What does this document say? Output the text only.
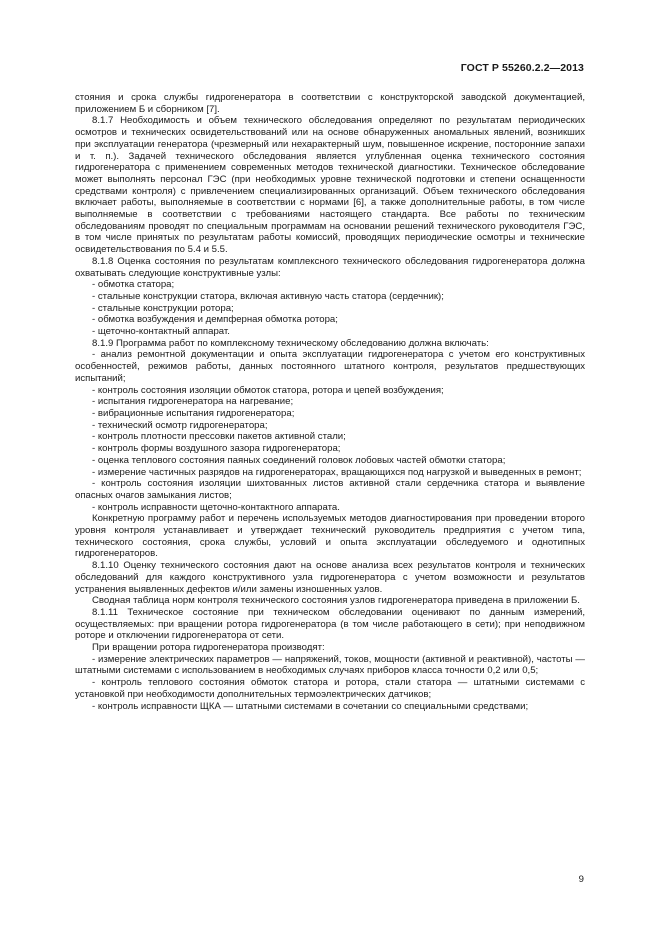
ГОСТ Р 55260.2.2—2013

стояния и срока службы гидрогенератора в соответствии с конструкторской заводской документацией, приложением Б и сборником [7].

8.1.7 Необходимость и объем технического обследования определяют по результатам периодических осмотров и технических освидетельствований или на основе обнаруженных аномальных явлений, возникших при эксплуатации генератора (чрезмерный или нехарактерный шум, повышенное искрение, посторонние запахи и т. п.). Задачей технического обследования является углубленная оценка технического состояния гидрогенератора с применением современных методов технической диагностики. Техническое обследование может выполнять персонал ГЭС (при необходимых уровне технической подготовки и степени оснащенности средствами контроля) с привлечением специализированных организаций. Объем технического обследования включает работы, выполняемые в соответствии с нормами [6], а также дополнительные работы, в том числе выполняемые в соответствии с требованиями настоящего стандарта. Все работы по техническим обследованиям проводят по специальным программам на основании решений технического руководителя ГЭС, в том числе принятых по результатам работы комиссий, проводящих периодические осмотры и технические освидетельствования по 5.4 и 5.5.

8.1.8 Оценка состояния по результатам комплексного технического обследования гидрогенератора должна охватывать следующие конструктивные узлы:

- обмотка статора;

- стальные конструкции статора, включая активную часть статора (сердечник);

- стальные конструкции ротора;

- обмотка возбуждения и демпферная обмотка ротора;

- щеточно-контактный аппарат.

8.1.9 Программа работ по комплексному техническому обследованию должна включать:

- анализ ремонтной документации и опыта эксплуатации гидрогенератора с учетом его конструктивных особенностей, режимов работы, данных постоянного штатного контроля, результатов предшествующих испытаний;

- контроль состояния изоляции обмоток статора, ротора и цепей возбуждения;

- испытания гидрогенератора на нагревание;

- вибрационные испытания гидрогенератора;

- технический осмотр гидрогенератора;

- контроль плотности прессовки пакетов активной стали;

- контроль формы воздушного зазора гидрогенератора;

- оценка теплового состояния паяных соединений головок лобовых частей обмотки статора;

- измерение частичных разрядов на гидрогенераторах, вращающихся под нагрузкой и выведенных в ремонт;

- контроль состояния изоляции шихтованных листов активной стали сердечника статора и выявление опасных очагов замыкания листов;

- контроль исправности щеточно-контактного аппарата.

Конкретную программу работ и перечень используемых методов диагностирования при проведении второго уровня контроля устанавливает и утверждает технический руководитель предприятия с учетом типа, технического состояния, срока службы, условий и опыта эксплуатации обследуемого и однотипных гидрогенераторов.

8.1.10 Оценку технического состояния дают на основе анализа всех результатов контроля и технических обследований для каждого конструктивного узла гидрогенератора с учетом возможности и результатов устранения выявленных дефектов и/или замены изношенных узлов.

Сводная таблица норм контроля технического состояния узлов гидрогенератора приведена в приложении Б.

8.1.11 Техническое состояние при техническом обследовании оценивают по данным измерений, осуществляемых: при вращении ротора гидрогенератора (в том числе работающего в сети); при неподвижном роторе и отключении гидрогенератора от сети.

При вращении ротора гидрогенератора производят:

- измерение электрических параметров — напряжений, токов, мощности (активной и реактивной), частоты — штатными системами с использованием в необходимых случаях приборов класса точности 0,2 или 0,5;

- контроль теплового состояния обмоток статора и ротора, стали статора — штатными системами с установкой при необходимости дополнительных термоэлектрических датчиков;

- контроль исправности ЩКА — штатными системами в сочетании со специальными средствами;

9
